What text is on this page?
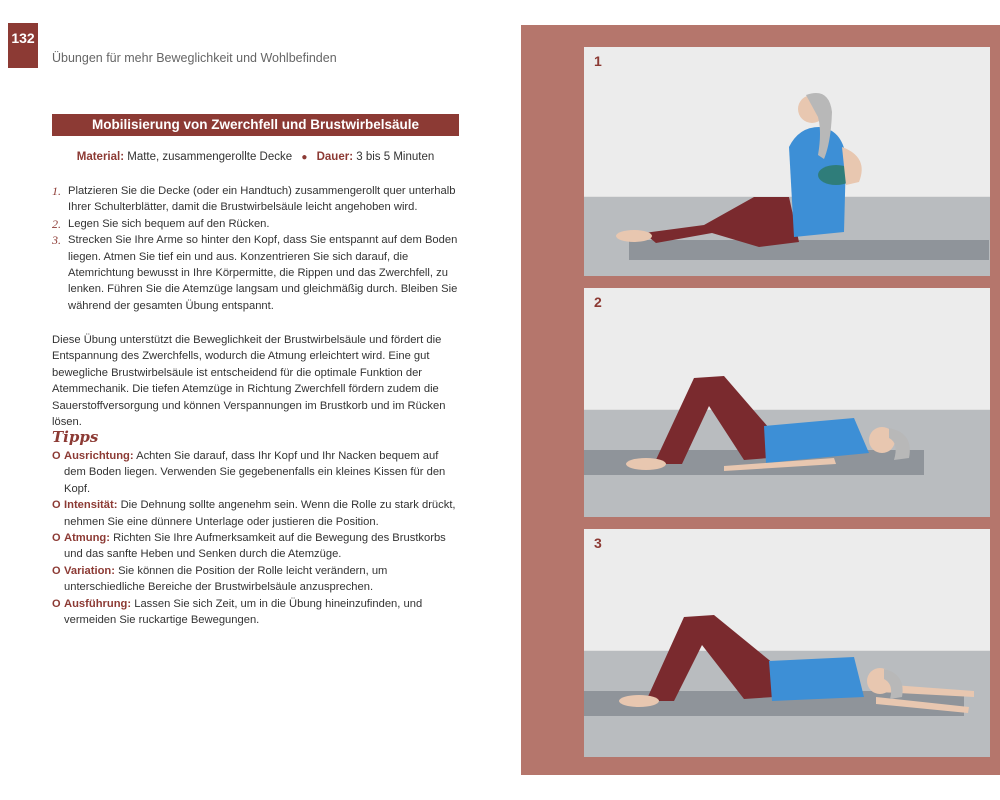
132
Übungen für mehr Beweglichkeit und Wohlbefinden
Mobilisierung von Zwerchfell und Brustwirbelsäule
Material: Matte, zusammengerollte Decke ● Dauer: 3 bis 5 Minuten
1. Platzieren Sie die Decke (oder ein Handtuch) zusammengerollt quer unterhalb Ihrer Schulterblätter, damit die Brustwirbelsäule leicht angehoben wird.
2. Legen Sie sich bequem auf den Rücken.
3. Strecken Sie Ihre Arme so hinter den Kopf, dass Sie entspannt auf dem Boden liegen. Atmen Sie tief ein und aus. Konzentrieren Sie sich darauf, die Atemrichtung bewusst in Ihre Körpermitte, die Rippen und das Zwerchfell, zu lenken. Führen Sie die Atemzüge langsam und gleichmäßig durch. Bleiben Sie während der gesamten Übung entspannt.

Diese Übung unterstützt die Beweglichkeit der Brustwirbelsäule und fördert die Entspannung des Zwerchfells, wodurch die Atmung erleichtert wird. Eine gut bewegliche Brustwirbelsäule ist entscheidend für die optimale Funktion der Atemmechanik. Die tiefen Atemzüge in Richtung Zwerchfell fördern zudem die Sauerstoffversorgung und können Verspannungen im Brustkorb und im Rücken lösen.

Tipps
O Ausrichtung: Achten Sie darauf, dass Ihr Kopf und Ihr Nacken bequem auf dem Boden liegen. Verwenden Sie gegebenenfalls ein kleines Kissen für den Kopf.
O Intensität: Die Dehnung sollte angenehm sein. Wenn die Rolle zu stark drückt, nehmen Sie eine dünnere Unterlage oder justieren die Position.
O Atmung: Richten Sie Ihre Aufmerksamkeit auf die Bewegung des Brustkorbs und das sanfte Heben und Senken durch die Atemzüge.
O Variation: Sie können die Position der Rolle leicht verändern, um unterschiedliche Bereiche der Brustwirbelsäule anzusprechen.
O Ausführung: Lassen Sie sich Zeit, um in die Übung hineinzufinden, und vermeiden Sie ruckartige Bewegungen.
1
2
3
